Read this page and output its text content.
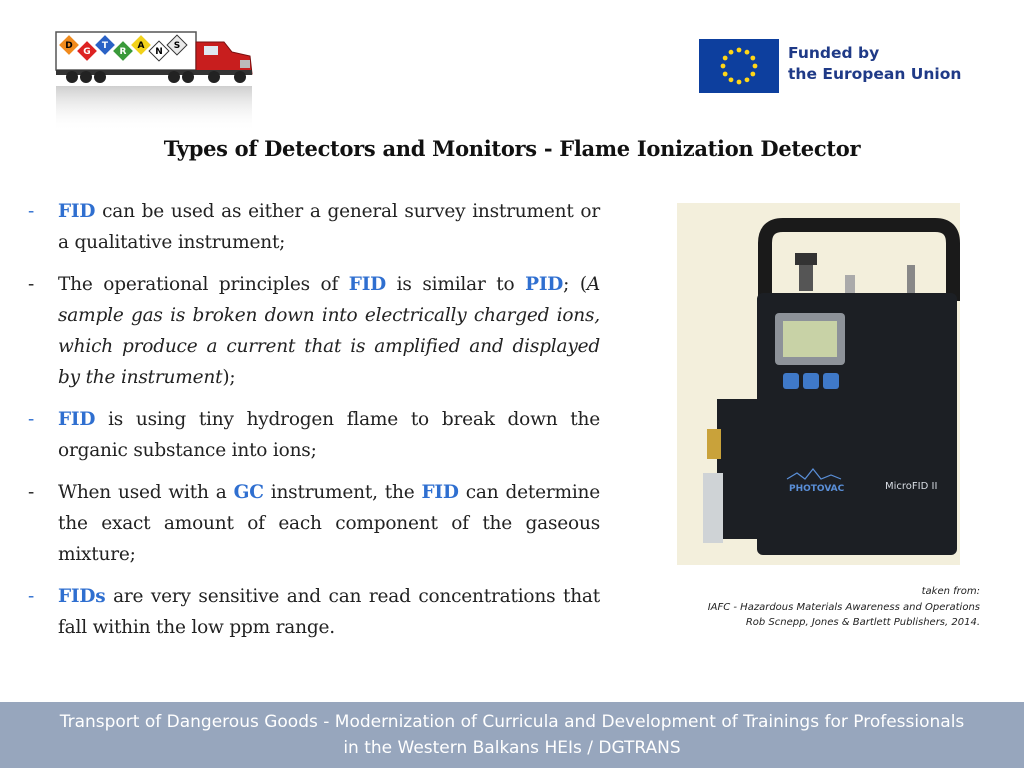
D
G
T
R
A
N
S	Funded by
the European Union
Types of Detectors and Monitors - Flame Ionization Detector
- FID can be used as either a general survey instrument or a qualitative instrument;
- The operational principles of FID is similar to PID; (A sample gas is broken down into electrically charged ions, which produce a current that is amplified and displayed by the instrument);
- FID is using tiny hydrogen flame to break down the organic substance into ions;
- When used with a GC instrument, the FID can determine the exact amount of each component of the gaseous mixture;
- FIDs are very sensitive and can read concentrations that fall within the low ppm range.
PHOTOVAC	MicroFID II
taken from:
IAFC - Hazardous Materials Awareness and Operations
Rob Scnepp, Jones & Bartlett Publishers, 2014.
Transport of Dangerous Goods - Modernization of Curricula and Development of Trainings for Professionals
in the Western Balkans HEIs / DGTRANS
